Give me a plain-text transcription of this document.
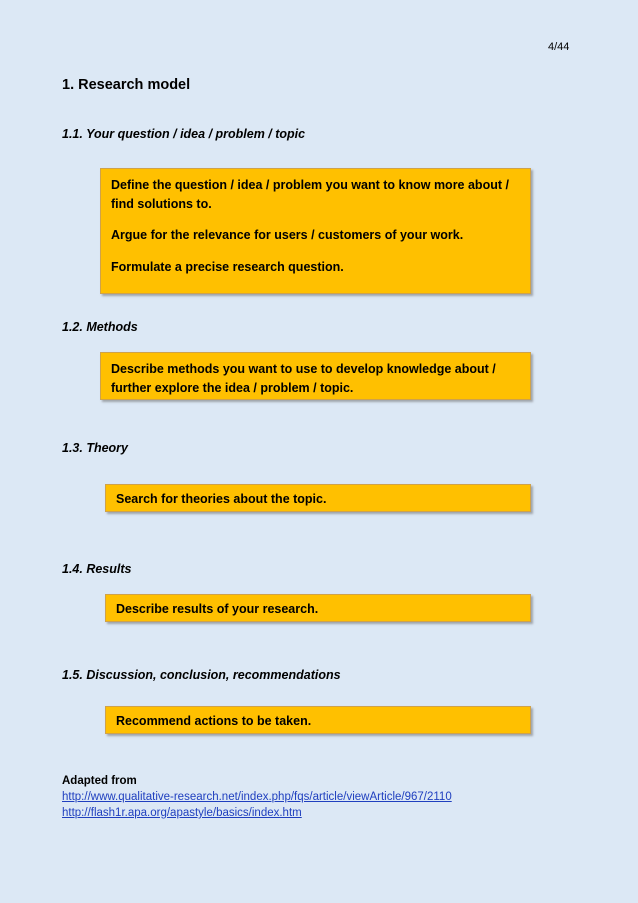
4/44
1. Research model
1.1. Your question / idea / problem / topic

Define the question / idea / problem you want to know more about / find solutions to.

Argue for the relevance for users / customers of your work.

Formulate a precise research question.

1.2. Methods

Describe methods you want to use to develop knowledge about / further explore the idea / problem / topic.

1.3. Theory

Search for theories about the topic.

1.4. Results

Describe results of your research.

1.5. Discussion, conclusion, recommendations

Recommend actions to be taken.

Adapted from
http://www.qualitative-research.net/index.php/fqs/article/viewArticle/967/2110
http://flash1r.apa.org/apastyle/basics/index.htm
